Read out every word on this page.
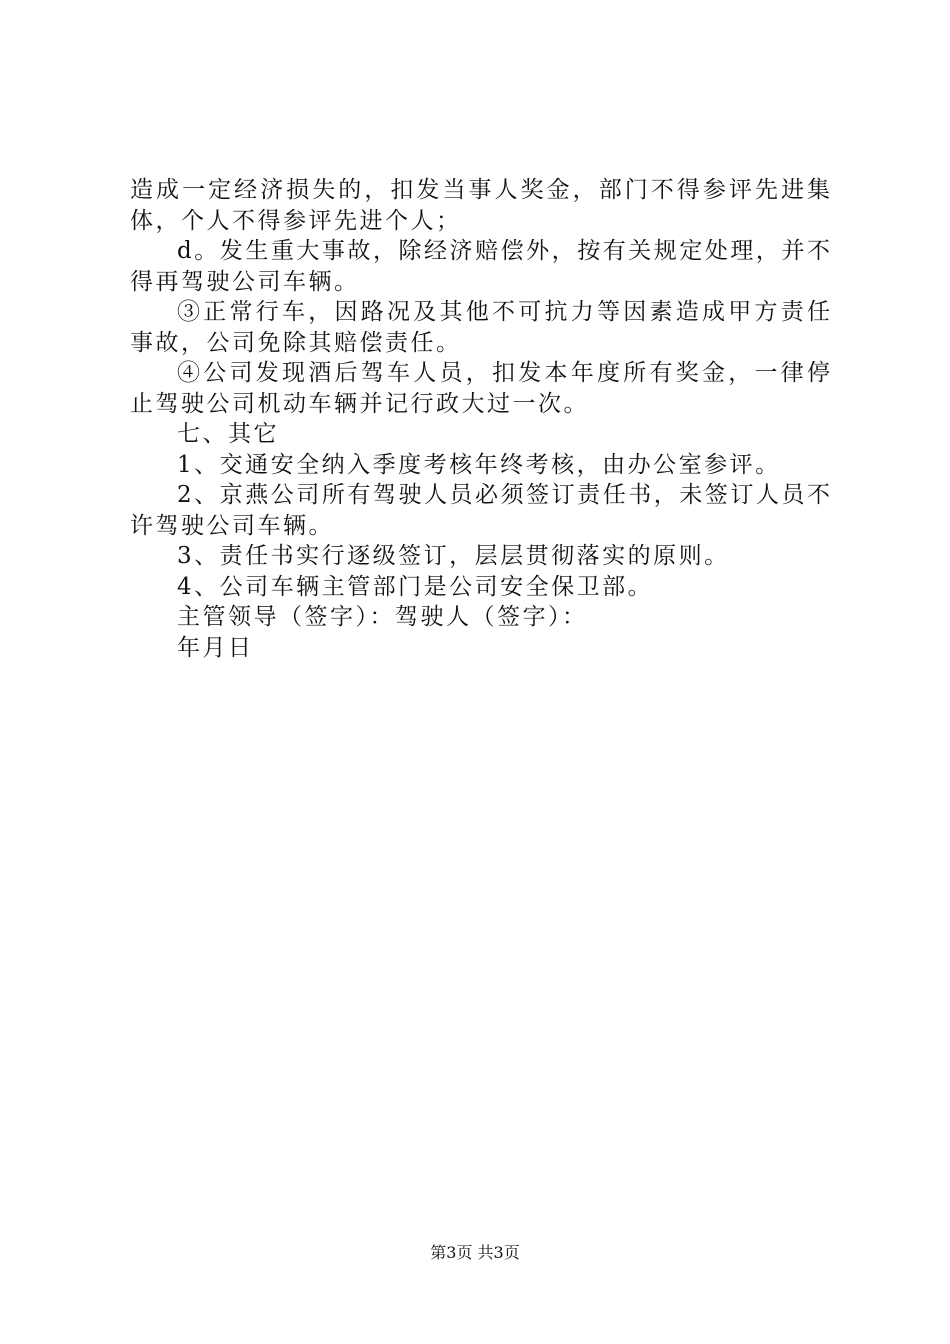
造成一定经济损失的，扣发当事人奖金，部门不得参评先进集
体，个人不得参评先进个人；
d。发生重大事故，除经济赔偿外，按有关规定处理，并不
得再驾驶公司车辆。
③正常行车，因路况及其他不可抗力等因素造成甲方责任
事故，公司免除其赔偿责任。
④公司发现酒后驾车人员，扣发本年度所有奖金，一律停
止驾驶公司机动车辆并记行政大过一次。
七、其它
1、交通安全纳入季度考核年终考核，由办公室参评。
2、京燕公司所有驾驶人员必须签订责任书，未签订人员不
许驾驶公司车辆。
3、责任书实行逐级签订，层层贯彻落实的原则。
4、公司车辆主管部门是公司安全保卫部。
主管领导（签字）：驾驶人（签字）：
年月日
第3页 共3页
